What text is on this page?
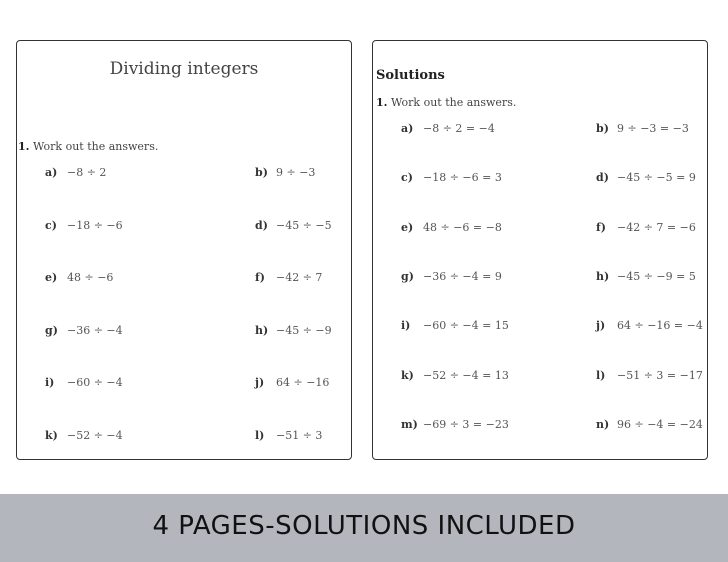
Dividing integers
1. Work out the answers.
a) −8 ÷ 2	b) 9 ÷ −3
c) −18 ÷ −6	d) −45 ÷ −5
e) 48 ÷ −6	f) −42 ÷ 7
g) −36 ÷ −4	h) −45 ÷ −9
i) −60 ÷ −4	j) 64 ÷ −16
k) −52 ÷ −4	l) −51 ÷ 3
Solutions
1. Work out the answers.
a) −8 ÷ 2 = −4	b) 9 ÷ −3 = −3
c) −18 ÷ −6 = 3	d) −45 ÷ −5 = 9
e) 48 ÷ −6 = −8	f) −42 ÷ 7 = −6
g) −36 ÷ −4 = 9	h) −45 ÷ −9 = 5
i) −60 ÷ −4 = 15	j) 64 ÷ −16 = −4
k) −52 ÷ −4 = 13	l) −51 ÷ 3 = −17
m) −69 ÷ 3 = −23	n) 96 ÷ −4 = −24
4 PAGES-SOLUTIONS INCLUDED
